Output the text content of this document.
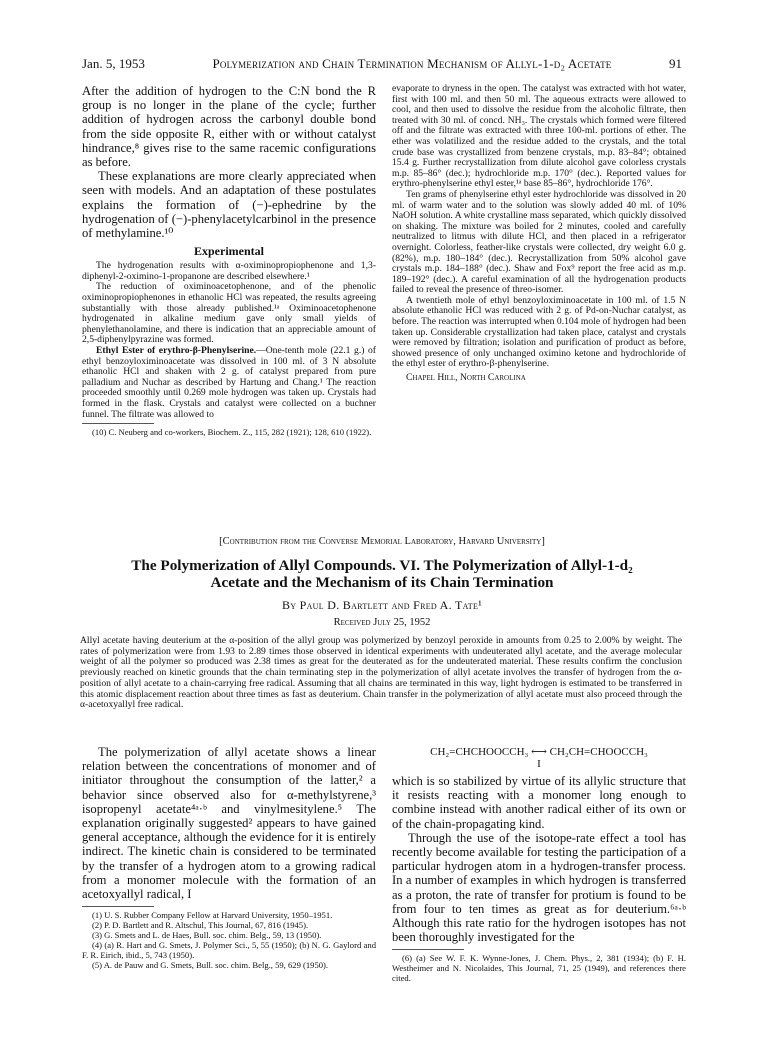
Jan. 5, 1953	Polymerization and Chain Termination Mechanism of Allyl-1-d₂ Acetate	91

After the addition of hydrogen to the C:N bond the R group is no longer in the plane of the cycle; further addition of hydrogen across the carbonyl double bond from the side opposite R, either with or without catalyst hindrance,⁸ gives rise to the same racemic configurations as before.

These explanations are more clearly appreciated when seen with models. And an adaptation of these postulates explains the formation of (−)-ephedrine by the hydrogenation of (−)-phenylacetylcarbinol in the presence of methylamine.¹⁰

Experimental

The hydrogenation results with α-oximinopropiophenone and 1,3-diphenyl-2-oximino-1-propanone are described elsewhere.¹

The reduction of oximinoacetophenone, and of the phenolic oximinopropiophenones in ethanolic HCl was repeated, the results agreeing substantially with those already published.¹ᵃ Oximinoacetophenone hydrogenated in alkaline medium gave only small yields of phenylethanolamine, and there is indication that an appreciable amount of 2,5-diphenylpyrazine was formed.

Ethyl Ester of erythro-β-Phenylserine.—One-tenth mole (22.1 g.) of ethyl benzoyloximinoacetate was dissolved in 100 ml. of 3 N absolute ethanolic HCl and shaken with 2 g. of catalyst prepared from pure palladium and Nuchar as described by Hartung and Chang.¹ The reaction proceeded smoothly until 0.269 mole hydrogen was taken up. Crystals had formed in the flask. Crystals and catalyst were collected on a buchner funnel. The filtrate was allowed to

(10) C. Neuberg and co-workers, Biochem. Z., 115, 282 (1921); 128, 610 (1922).

evaporate to dryness in the open. The catalyst was extracted with hot water, first with 100 ml. and then 50 ml. The aqueous extracts were allowed to cool, and then used to dissolve the residue from the alcoholic filtrate, then treated with 30 ml. of concd. NH₃. The crystals which formed were filtered off and the filtrate was extracted with three 100-ml. portions of ether. The ether was volatilized and the residue added to the crystals, and the total crude base was crystallized from benzene crystals, m.p. 83–84°; obtained 15.4 g. Further recrystallization from dilute alcohol gave colorless crystals m.p. 85–86° (dec.); hydrochloride m.p. 170° (dec.). Reported values for erythro-phenylserine ethyl ester,¹ᵃ base 85–86°, hydrochloride 176°.

Ten grams of phenylserine ethyl ester hydrochloride was dissolved in 20 ml. of warm water and to the solution was slowly added 40 ml. of 10% NaOH solution. A white crystalline mass separated, which quickly dissolved on shaking. The mixture was boiled for 2 minutes, cooled and carefully neutralized to litmus with dilute HCl, and then placed in a refrigerator overnight. Colorless, feather-like crystals were collected, dry weight 6.0 g. (82%), m.p. 180–184° (dec.). Recrystallization from 50% alcohol gave crystals m.p. 184–188° (dec.). Shaw and Fox⁹ report the free acid as m.p. 189–192° (dec.). A careful examination of all the hydrogenation products failed to reveal the presence of threo-isomer.

A twentieth mole of ethyl benzoyloximinoacetate in 100 ml. of 1.5 N absolute ethanolic HCl was reduced with 2 g. of Pd-on-Nuchar catalyst, as before. The reaction was interrupted when 0.104 mole of hydrogen had been taken up. Considerable crystallization had taken place, catalyst and crystals were removed by filtration; isolation and purification of product as before, showed presence of only unchanged oximino ketone and hydrochloride of the ethyl ester of erythro-β-phenylserine.

Chapel Hill, North Carolina

[Contribution from the Converse Memorial Laboratory, Harvard University]
The Polymerization of Allyl Compounds. VI. The Polymerization of Allyl-1-d₂
Acetate and the Mechanism of its Chain Termination
By Paul D. Bartlett and Fred A. Tate¹
Received July 25, 1952
Allyl acetate having deuterium at the α-position of the allyl group was polymerized by benzoyl peroxide in amounts from 0.25 to 2.00% by weight. The rates of polymerization were from 1.93 to 2.89 times those observed in identical experiments with undeuterated allyl acetate, and the average molecular weight of all the polymer so produced was 2.38 times as great for the deuterated as for the undeuterated material. These results confirm the conclusion previously reached on kinetic grounds that the chain terminating step in the polymerization of allyl acetate involves the transfer of hydrogen from the α-position of allyl acetate to a chain-carrying free radical. Assuming that all chains are terminated in this way, light hydrogen is estimated to be transferred in this atomic displacement reaction about three times as fast as deuterium. Chain transfer in the polymerization of allyl acetate must also proceed through the α-acetoxyallyl free radical.

The polymerization of allyl acetate shows a linear relation between the concentrations of monomer and of initiator throughout the consumption of the latter,² a behavior since observed also for α-methylstyrene,³ isopropenyl acetate⁴ᵃ·ᵇ and vinylmesitylene.⁵ The explanation originally suggested² appears to have gained general acceptance, although the evidence for it is entirely indirect. The kinetic chain is considered to be terminated by the transfer of a hydrogen atom to a growing radical from a monomer molecule with the formation of an acetoxyallyl radical, I

(1) U. S. Rubber Company Fellow at Harvard University, 1950–1951.

(2) P. D. Bartlett and R. Altschul, This Journal, 67, 816 (1945).

(3) G. Smets and L. de Haes, Bull. soc. chim. Belg., 59, 13 (1950).

(4) (a) R. Hart and G. Smets, J. Polymer Sci., 5, 55 (1950); (b) N. G. Gaylord and F. R. Eirich, ibid., 5, 743 (1950).

(5) A. de Pauw and G. Smets, Bull. soc. chim. Belg., 59, 629 (1950).

CH₂=CHCHOOCCH₃ ⟷ CH₂CH=CHOOCCH₃
I

which is so stabilized by virtue of its allylic structure that it resists reacting with a monomer long enough to combine instead with another radical either of its own or of the chain-propagating kind.

Through the use of the isotope-rate effect a tool has recently become available for testing the participation of a particular hydrogen atom in a hydrogen-transfer process. In a number of examples in which hydrogen is transferred as a proton, the rate of transfer for protium is found to be from four to ten times as great as for deuterium.⁶ᵃ·ᵇ Although this rate ratio for the hydrogen isotopes has not been thoroughly investigated for the

(6) (a) See W. F. K. Wynne-Jones, J. Chem. Phys., 2, 381 (1934); (b) F. H. Westheimer and N. Nicolaides, This Journal, 71, 25 (1949), and references there cited.
